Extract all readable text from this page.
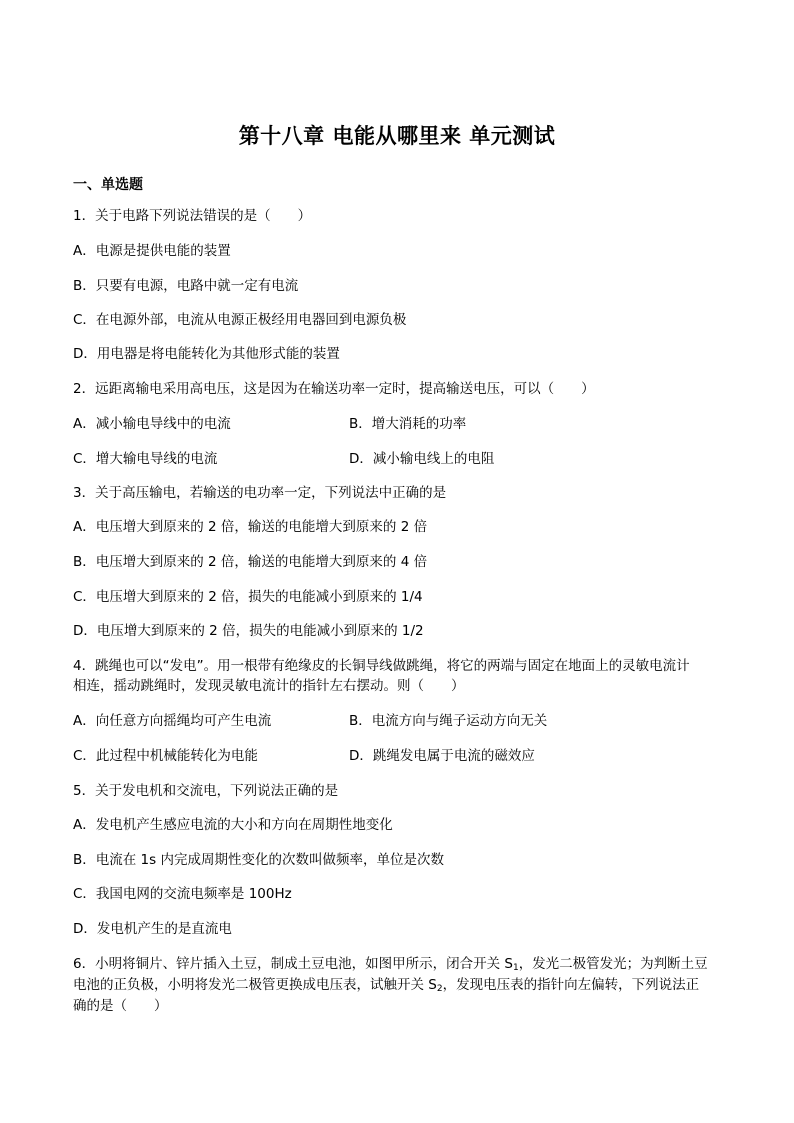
第十八章 电能从哪里来 单元测试
一、单选题
1．关于电路下列说法错误的是（　　）
A．电源是提供电能的装置
B．只要有电源，电路中就一定有电流
C．在电源外部，电流从电源正极经用电器回到电源负极
D．用电器是将电能转化为其他形式能的装置
2．远距离输电采用高电压，这是因为在输送功率一定时，提高输送电压，可以（　　）
A．减小输电导线中的电流	B．增大消耗的功率
C．增大输电导线的电流	D．减小输电线上的电阻
3．关于高压输电，若输送的电功率一定，下列说法中正确的是
A．电压增大到原来的 2 倍，输送的电能增大到原来的 2 倍
B．电压增大到原来的 2 倍，输送的电能增大到原来的 4 倍
C．电压增大到原来的 2 倍，损失的电能减小到原来的 1/4
D．电压增大到原来的 2 倍，损失的电能减小到原来的 1/2
4．跳绳也可以“发电”。用一根带有绝缘皮的长铜导线做跳绳，将它的两端与固定在地面上的灵敏电流计
相连，摇动跳绳时，发现灵敏电流计的指针左右摆动。则（　　）
A．向任意方向摇绳均可产生电流	B．电流方向与绳子运动方向无关
C．此过程中机械能转化为电能	D．跳绳发电属于电流的磁效应
5．关于发电机和交流电，下列说法正确的是
A．发电机产生感应电流的大小和方向在周期性地变化
B．电流在 1s 内完成周期性变化的次数叫做频率，单位是次数
C．我国电网的交流电频率是 100Hz
D．发电机产生的是直流电
6．小明将铜片、锌片插入土豆，制成土豆电池，如图甲所示，闭合开关 $S_1$，发光二极管发光；为判断土豆
电池的正负极，小明将发光二极管更换成电压表，试触开关 $S_2$，发现电压表的指针向左偏转，下列说法正
确的是（　　）
